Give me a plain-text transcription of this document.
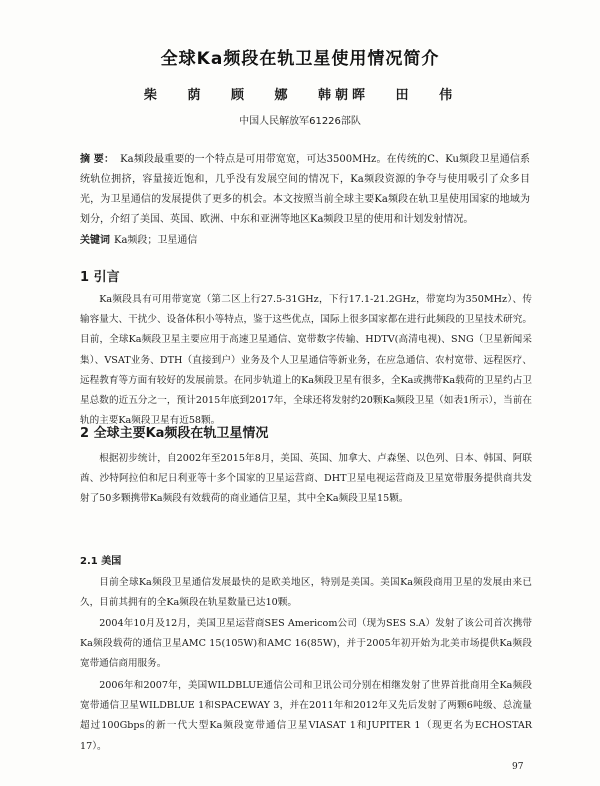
全球Ka频段在轨卫星使用情况简介
柴 荫 顾 娜 韩朝晖 田 伟
中国人民解放军61226部队
摘 要： Ka频段最重要的一个特点是可用带宽宽，可达3500MHz。在传统的C、Ku频段卫星通信系统轨位拥挤，容量接近饱和，几乎没有发展空间的情况下，Ka频段资源的争夺与使用吸引了众多目光，为卫星通信的发展提供了更多的机会。本文按照当前全球主要Ka频段在轨卫星使用国家的地域为划分，介绍了美国、英国、欧洲、中东和亚洲等地区Ka频段卫星的使用和计划发射情况。
关键词 Ka频段；卫星通信
1 引言
Ka频段具有可用带宽宽（第二区上行27.5-31GHz，下行17.1-21.2GHz，带宽均为350MHz）、传输容量大、干扰少、设备体积小等特点，鉴于这些优点，国际上很多国家都在进行此频段的卫星技术研究。目前，全球Ka频段卫星主要应用于高速卫星通信、宽带数字传输、HDTV(高清电视)、SNG（卫星新闻采集）、VSAT业务、DTH（直接到户）业务及个人卫星通信等新业务，在应急通信、农村宽带、远程医疗、远程教育等方面有较好的发展前景。在同步轨道上的Ka频段卫星有很多，全Ka或携带Ka载荷的卫星约占卫星总数的近五分之一，预计2015年底到2017年，全球还将发射约20颗Ka频段卫星（如表1所示），当前在轨的主要Ka频段卫星有近58颗。
2 全球主要Ka频段在轨卫星情况
根据初步统计，自2002年至2015年8月，美国、英国、加拿大、卢森堡、以色列、日本、韩国、阿联酋、沙特阿拉伯和尼日利亚等十多个国家的卫星运营商、DHT卫星电视运营商及卫星宽带服务提供商共发射了50多颗携带Ka频段有效载荷的商业通信卫星，其中全Ka频段卫星15颗。
2.1 美国
目前全球Ka频段卫星通信发展最快的是欧美地区，特别是美国。美国Ka频段商用卫星的发展由来已久，目前其拥有的全Ka频段在轨星数量已达10颗。
2004年10月及12月，美国卫星运营商SES Americom公司（现为SES S.A）发射了该公司首次携带Ka频段载荷的通信卫星AMC 15(105W)和AMC 16(85W)，并于2005年初开始为北美市场提供Ka频段宽带通信商用服务。
2006年和2007年，美国WILDBLUE通信公司和卫讯公司分别在相继发射了世界首批商用全Ka频段宽带通信卫星WILDBLUE 1和SPACEWAY 3，并在2011年和2012年又先后发射了两颗6吨级、总流量超过100Gbps的新一代大型Ka频段宽带通信卫星VIASAT 1和JUPITER 1（现更名为ECHOSTAR 17）。
97
